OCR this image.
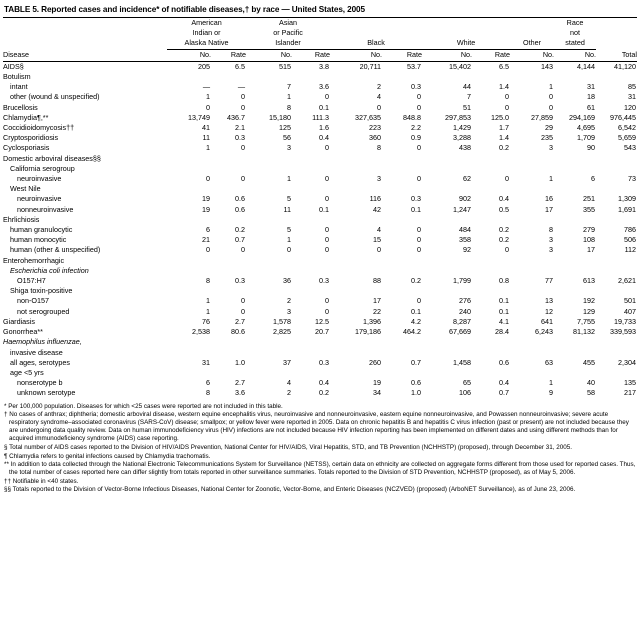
TABLE 5. Reported cases and incidence* of notifiable diseases,† by race — United States, 2005
	American		Asian							Race	
	Indian or		or Pacific							not	
	Alaska Native		Islander		Black		White		Other	stated	
Disease	No.	Rate	No.	Rate	No.	Rate	No.	Rate	No.	No.	Total
AIDS§	205	6.5	515	3.8	20,711	53.7	15,402	6.5	143	4,144	41,120
Botulism											
intant	—	—	7	3.6	2	0.3	44	1.4	1	31	85
other (wound & unspecified)	1	0	1	0	4	0	7	0	0	18	31
Brucellosis	0	0	8	0.1	0	0	51	0	0	61	120
Chlamydia¶,**	13,749	436.7	15,180	111.3	327,635	848.8	297,853	125.0	27,859	294,169	976,445
Coccidioidomycosis††	41	2.1	125	1.6	223	2.2	1,429	1.7	29	4,695	6,542
Cryptosporidiosis	11	0.3	56	0.4	360	0.9	3,288	1.4	235	1,709	5,659
Cyclosporiasis	1	0	3	0	8	0	438	0.2	3	90	543
Domestic arboviral diseases§§											
California serogroup											
neuroinvasive	0	0	1	0	3	0	62	0	1	6	73
West Nile											
neuroinvasive	19	0.6	5	0	116	0.3	902	0.4	16	251	1,309
nonneuroinvasive	19	0.6	11	0.1	42	0.1	1,247	0.5	17	355	1,691
Ehrlichiosis											
human granulocytic	6	0.2	5	0	4	0	484	0.2	8	279	786
human monocytic	21	0.7	1	0	15	0	358	0.2	3	108	506
human (other & unspecified)	0	0	0	0	0	0	92	0	3	17	112
Enterohemorrhagic											
Escherichia coli infection											
O157:H7	8	0.3	36	0.3	88	0.2	1,799	0.8	77	613	2,621
Shiga toxin-positive											
non-O157	1	0	2	0	17	0	276	0.1	13	192	501
not serogrouped	1	0	3	0	22	0.1	240	0.1	12	129	407
Giardiasis	76	2.7	1,578	12.5	1,396	4.2	8,287	4.1	641	7,755	19,733
Gonorrhea**	2,538	80.6	2,825	20.7	179,186	464.2	67,669	28.4	6,243	81,132	339,593
Haemophilus influenzae,											
invasive disease											
all ages, serotypes	31	1.0	37	0.3	260	0.7	1,458	0.6	63	455	2,304
age <5 yrs											
nonserotype b	6	2.7	4	0.4	19	0.6	65	0.4	1	40	135
unknown serotype	8	3.6	2	0.2	34	1.0	106	0.7	9	58	217
* Per 100,000 population. Diseases for which <25 cases were reported are not included in this table.
† No cases of anthrax; diphtheria; domestic arboviral disease, western equine encephalitis virus, neuroinvasive and nonneuroinvasive, eastern equine nonneuroinvasive, and Powassen nonneuroinvasive; severe acute respiratory syndrome–associated coronavirus (SARS-CoV) disease; smallpox; or yellow fever were reported in 2005. Data on chronic hepatitis B and hepatitis C virus infection (past or present) are not included because they are undergoing data quality review. Data on human immunodeficiency virus (HIV) infections are not included because HIV infection reporting has been implemented on different dates and using different methods than for acquired immunodeficiency syndrome (AIDS) case reporting.
§ Total number of AIDS cases reported to the Division of HIV/AIDS Prevention, National Center for HIV/AIDS, Viral Hepatitis, STD, and TB Prevention (NCHHSTP) (proposed), through December 31, 2005.
¶ Chlamydia refers to genital infections caused by Chlamydia trachomatis.
** In addition to data collected through the National Electronic Telecommunications System for Surveillance (NETSS), certain data on ethnicity are collected on aggregate forms different from those used for reported cases. Thus, the total number of cases reported here can differ slightly from totals reported in other surveillance summaries. Totals reported to the Division of STD Prevention, NCHHSTP (proposed), as of May 5, 2006.
†† Notifiable in <40 states.
§§ Totals reported to the Division of Vector-Borne Infectious Diseases, National Center for Zoonotic, Vector-Borne, and Enteric Diseases (NCZVED) (proposed) (ArboNET Surveillance), as of June 23, 2006.
